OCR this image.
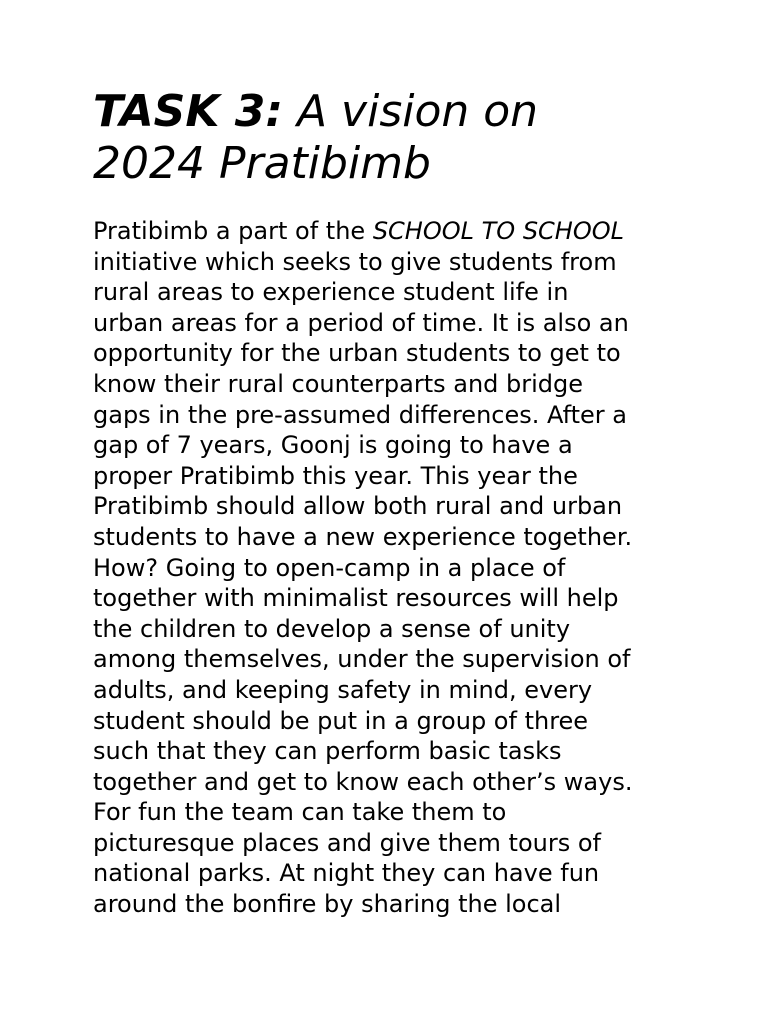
TASK 3: A vision on
2024 Pratibimb
Pratibimb a part of the SCHOOL TO SCHOOL
initiative which seeks to give students from
rural areas to experience student life in
urban areas for a period of time. It is also an
opportunity for the urban students to get to
know their rural counterparts and bridge
gaps in the pre-assumed differences. After a
gap of 7 years, Goonj is going to have a
proper Pratibimb this year. This year the
Pratibimb should allow both rural and urban
students to have a new experience together.
How? Going to open-camp in a place of
together with minimalist resources will help
the children to develop a sense of unity
among themselves, under the supervision of
adults, and keeping safety in mind, every
student should be put in a group of three
such that they can perform basic tasks
together and get to know each other’s ways.
For fun the team can take them to
picturesque places and give them tours of
national parks. At night they can have fun
around the bonfire by sharing the local
